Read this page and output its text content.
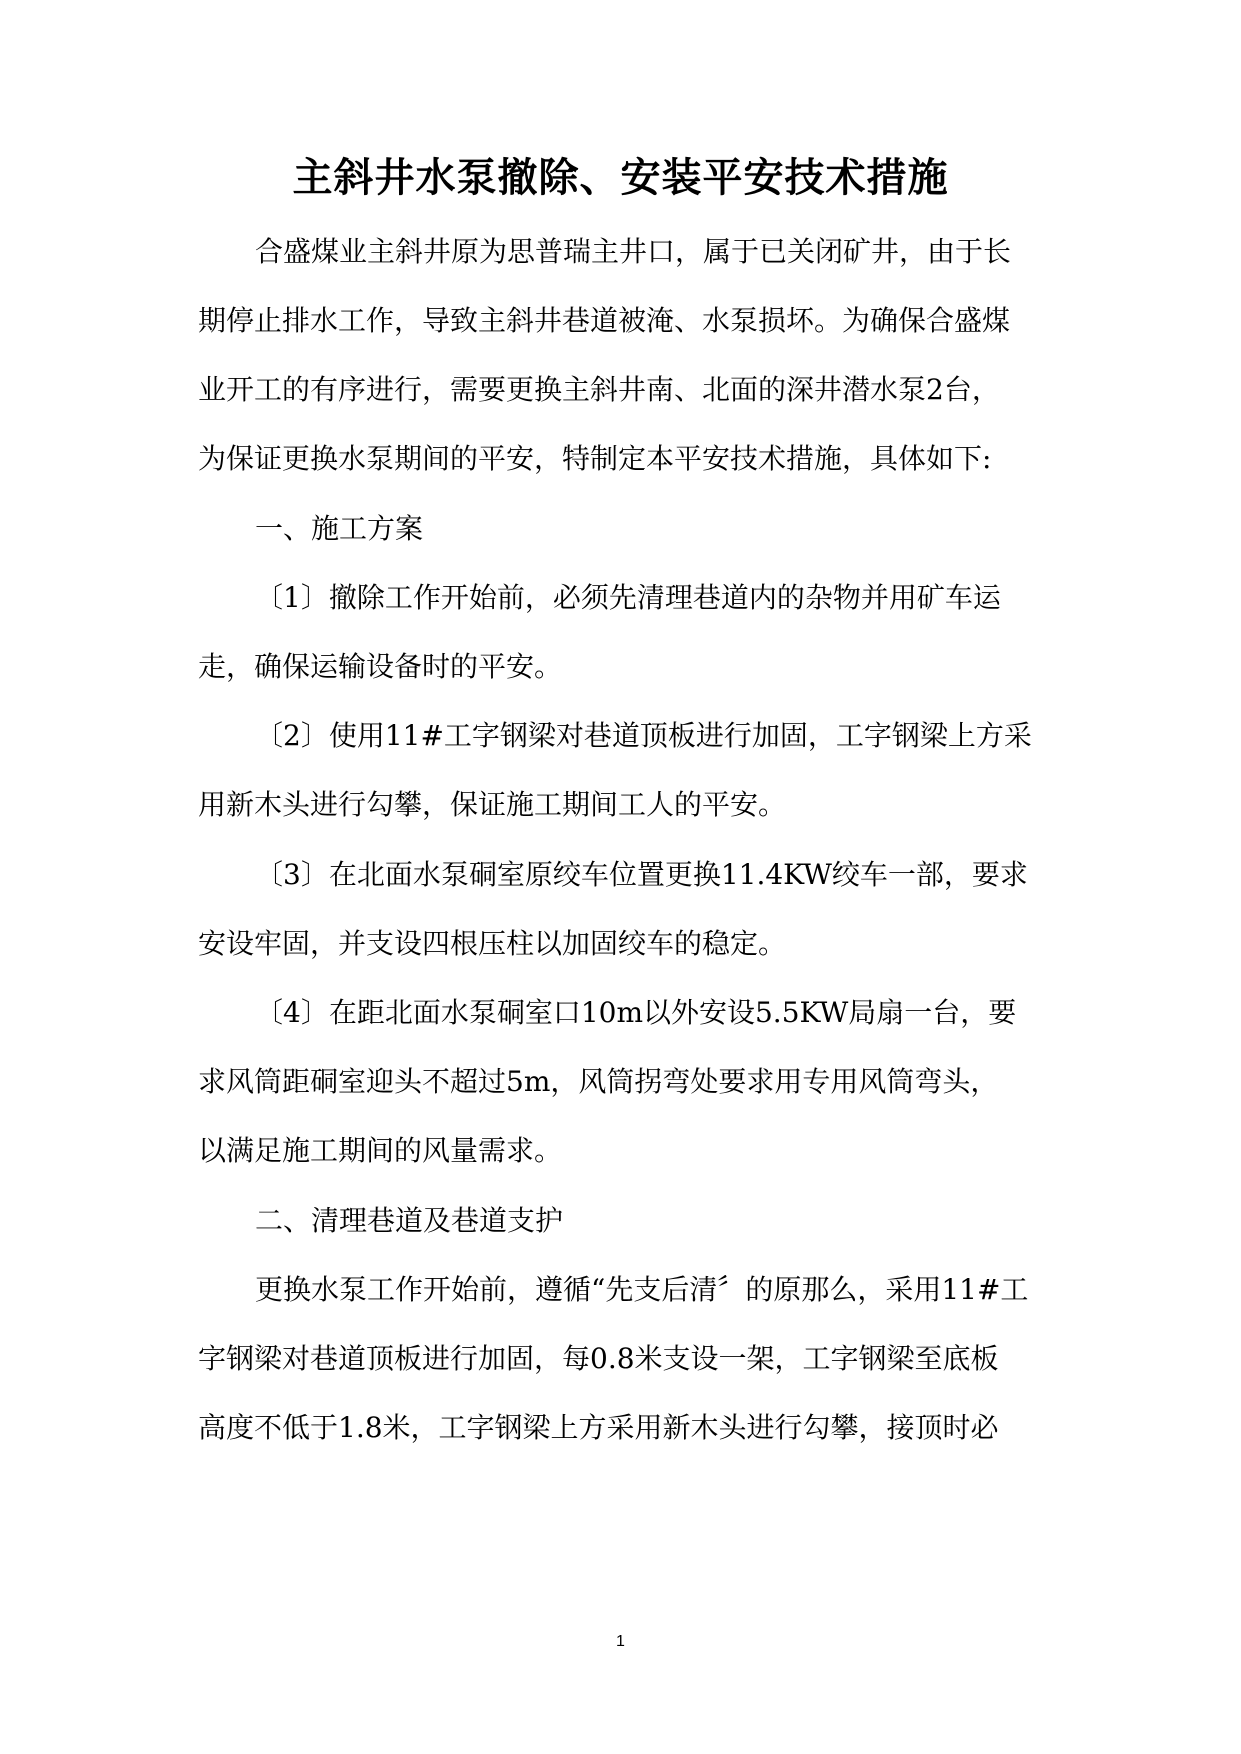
主斜井水泵撤除、安装平安技术措施

合盛煤业主斜井原为思普瑞主井口，属于已关闭矿井，由于长

期停止排水工作，导致主斜井巷道被淹、水泵损坏。为确保合盛煤

业开工的有序进行，需要更换主斜井南、北面的深井潜水泵2台，

为保证更换水泵期间的平安，特制定本平安技术措施，具体如下:

一、施工方案

〔1〕撤除工作开始前，必须先清理巷道内的杂物并用矿车运

走，确保运输设备时的平安。

〔2〕使用11#工字钢梁对巷道顶板进行加固，工字钢梁上方采

用新木头进行勾攀，保证施工期间工人的平安。

〔3〕在北面水泵硐室原绞车位置更换11.4KW绞车一部，要求

安设牢固，并支设四根压柱以加固绞车的稳定。

〔4〕在距北面水泵硐室口10m以外安设5.5KW局扇一台，要

求风筒距硐室迎头不超过5m，风筒拐弯处要求用专用风筒弯头，

以满足施工期间的风量需求。

二、清理巷道及巷道支护

更换水泵工作开始前，遵循“先支后清〞的原那么，采用11#工

字钢梁对巷道顶板进行加固，每0.8米支设一架，工字钢梁至底板

高度不低于1.8米，工字钢梁上方采用新木头进行勾攀，接顶时必

1
